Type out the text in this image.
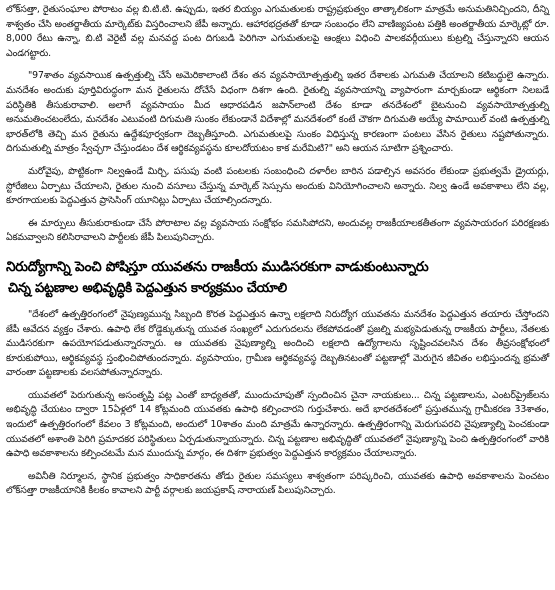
లోక్‌సత్తా, రైతుసంఘాల పోరాటం వల్ల బి.టి.టి. ఉప్పుడు, ఇతర బియ్యం ఎగుమతులకు రాష్ట్రప్రభుత్వం తాత్కాలికంగా మాత్రమే అనుమతినిచ్చిందని, దీన్ని శాశ్వతం చేసి అంతర్జాతీయ మార్కెట్‌కు విస్తరించాలని జేపీ అన్నారు. ఆహారభద్రతతో కూడా సంబంధం లేని వాణిజ్యపంట పత్తికి అంతర్జాతీయ మార్కెట్లో రూ. 8,000 రేటు ఉన్నా, బి.టి వెరైటీ వల్ల మనవద్ద పంట దిగుబడి పెరిగినా ఎగుమతులపై ఆంక్షలు విధించి పాలకవర్గీయులు కుట్రల్ని చేస్తున్నారని ఆయన ఎండగట్టారు.

"97శాతం వ్యవసాయిక ఉత్పత్తుల్ని చేసే అమెరికాలాంటి దేశం తన వ్యవసాయోత్పత్తుల్ని ఇతర దేశాలకు ఎగుమతి చేయాలని కటిబద్ధులై ఉన్నారు. మనదేశం అందుకు పూర్తివిరుద్ధంగా మన రైతులను దోచేసే విధంగా దిశగా ఉంది. రైతుల్ని వ్యవసాయాన్ని వ్యాపారంగా మార్చకుండా ఆర్థికంగా నిలబడే పరిస్థితికి తీసుకురావాలి. అలాగే వ్యవసాయం మీద ఆధారపడిన జపాన్‌లాంటి దేశం కూడా తనదేశంలో బైటనుంచి వ్యవసాయోత్పత్తుల్ని అనుమతించటంలేదు, మనదేశం ఎటువంటి దిగుమతి సుంకం లేకుండానే విదేశాల్లో మనదేశంలో కంటే చౌకగా దిగుమతి అయ్యే పామాయిల్ వంటి ఉత్పత్తుల్ని భారత్‌లోకి తెచ్చి మన రైతును ఉద్దేశపూర్వకంగా దెబ్బతీస్తూంది. ఎగుమతులపై సుంకం విధిస్తున్న కారణంగా పంటలు వేసిన రైతులు నష్టపోతున్నారు. దిగుమతుల్ని మాత్రం స్వేచ్ఛగా చేస్తుండటం దేశ ఆర్థికవ్యవస్థను కూలదోయటం కాక మరేమిటి?" అని ఆయన సూటిగా ప్రశ్నించారు.

మరోవైపు, పొట్టికంగా నిల్వఉండే మిర్చి, పసుపు వంటి పంటలకు సంబంధించి దళారీల బారిన పడాల్సిన అవసరం లేకుండా ప్రభుత్వమే డ్రైయర్లు, స్టోరేజిలు ఏర్పాటు చేయాలని, రైతుల నుంచి వసూలు చేస్తున్న మార్కెట్ సెస్సును అందుకు వినియోగించాలని అన్నారు. నిల్వ ఉండే అవకాశాలు లేని వల్ల, కూరగాయలకు పెద్దఎత్తున ప్రాసెసింగ్ యూనిట్లు ఏర్పాటు చేయాల్సిందన్నారు.

ఈ మార్పులు తీసుకురాకుండా చేసే పోరాటాల వల్ల వ్యవసాయ సంక్షోభం సమసిపోదని, అందువల్ల రాజకీయాలకతీతంగా వ్యవసాయరంగ పరిరక్షణకు ఏకమవ్వాలని కలిసిరావాలని పార్టీలకు జేపీ పిలుపునిచ్చారు.

నిరుద్యోగాన్ని పెంచి పోషిస్తూ యువతను రాజకీయ ముడిసరకుగా వాడుకుంటున్నారు
చిన్న పట్టణాల అభివృద్ధికి పెద్దఎత్తున కార్యక్రమం చేయాలి

"దేశంలో ఉత్పత్తిరంగంలో నైపుణ్యమున్న సిబ్బంది కొరత పెద్దఎత్తున ఉన్నా లక్షలాది నిరుద్యోగ యువతను మనదేశం పెద్దఎత్తున తయారు చేస్తోందని జేపీ ఆవేదన వ్యక్తం చేశారు. ఉపాధి లేక రోడ్డెక్కుతున్న యువత సంఖ్యలో ఎదుగుదలను లేకపోవడంతో ప్రజల్ని మభ్యపెడుతున్న రాజకీయ పార్టీలు, నేతలకు ముడిసరకుగా ఉపయోగపడుతున్నారన్నారు. ఆ యువతకు నైపుణ్యాల్ని అందించి లక్షలాది ఉద్యోగాలను సృష్టించవలసిన దేశం తీవ్రసంక్షోభంలో కూరుకుపోయి, ఆర్థికవ్యవస్థ స్తంభించిపోతుందన్నారు. వ్యవసాయం, గ్రామీణ ఆర్థికవ్యవస్థ దెబ్బతినటంతో పట్టణాల్లో మెరుగైన జీవితం లభిస్తుందన్న భ్రమతో వారంతా పట్టణాలకు వలసపోతున్నారన్నారు.

యువతలో పెరుగుతున్న అసంతృప్తి పట్ల ఎంతో బాధ్యతతో, ముందుచూపుతో స్పందించిన చైనా నాయకులు... చిన్న పట్టణాలను, ఎంటర్‌ప్రైజ్‌లను అభివృద్ధి చేయటం ద్వారా 15ఏళ్లలో 14 కోట్లమంది యువతకు ఉపాధి కల్పించారని గుర్తుచేశారు. అదే భారతదేశంలో ప్రస్తుతమున్న గ్రామీకరణ 33శాతం, ఇందులో ఉత్పత్తిరంగంలో కేవలం 3 కోట్లమంది, అందులో 10శాతం మంది మాత్రమే ఉన్నారన్నారు. ఉత్పత్తిరంగాన్ని మెరుగుపరచి నైపుణ్యాల్ని పెంచకుండా యువతలో అశాంతి పెరిగి ప్రమాదకర పరిస్థితులు ఏర్పడుతున్నాయన్నారు. చిన్న పట్టణాల అభివృద్ధితో యువతలో నైపుణ్యాన్ని పెంచి ఉత్పత్తిరంగంలో వారికి ఉపాధి అవకాశాలను కల్పించటమే మన ముందున్న మార్గం, ఈ దిశగా ప్రభుత్వం పెద్దఎత్తున కార్యక్రమం చేయాలన్నారు.

అవినీతి నిర్మూలన, స్థానిక ప్రభుత్వం సాధికారతను తోడు రైతుల సమస్యలు శాశ్వతంగా పరిష్కరించి, యువతకు ఉపాధి అవకాశాలను పెంచటం లోక్‌సత్తా రాజకీయానికి కీలకం కావాలని పార్టీ వర్గాలకు జయప్రకాష్ నారాయణ్ పిలుపునిచ్చారు.
